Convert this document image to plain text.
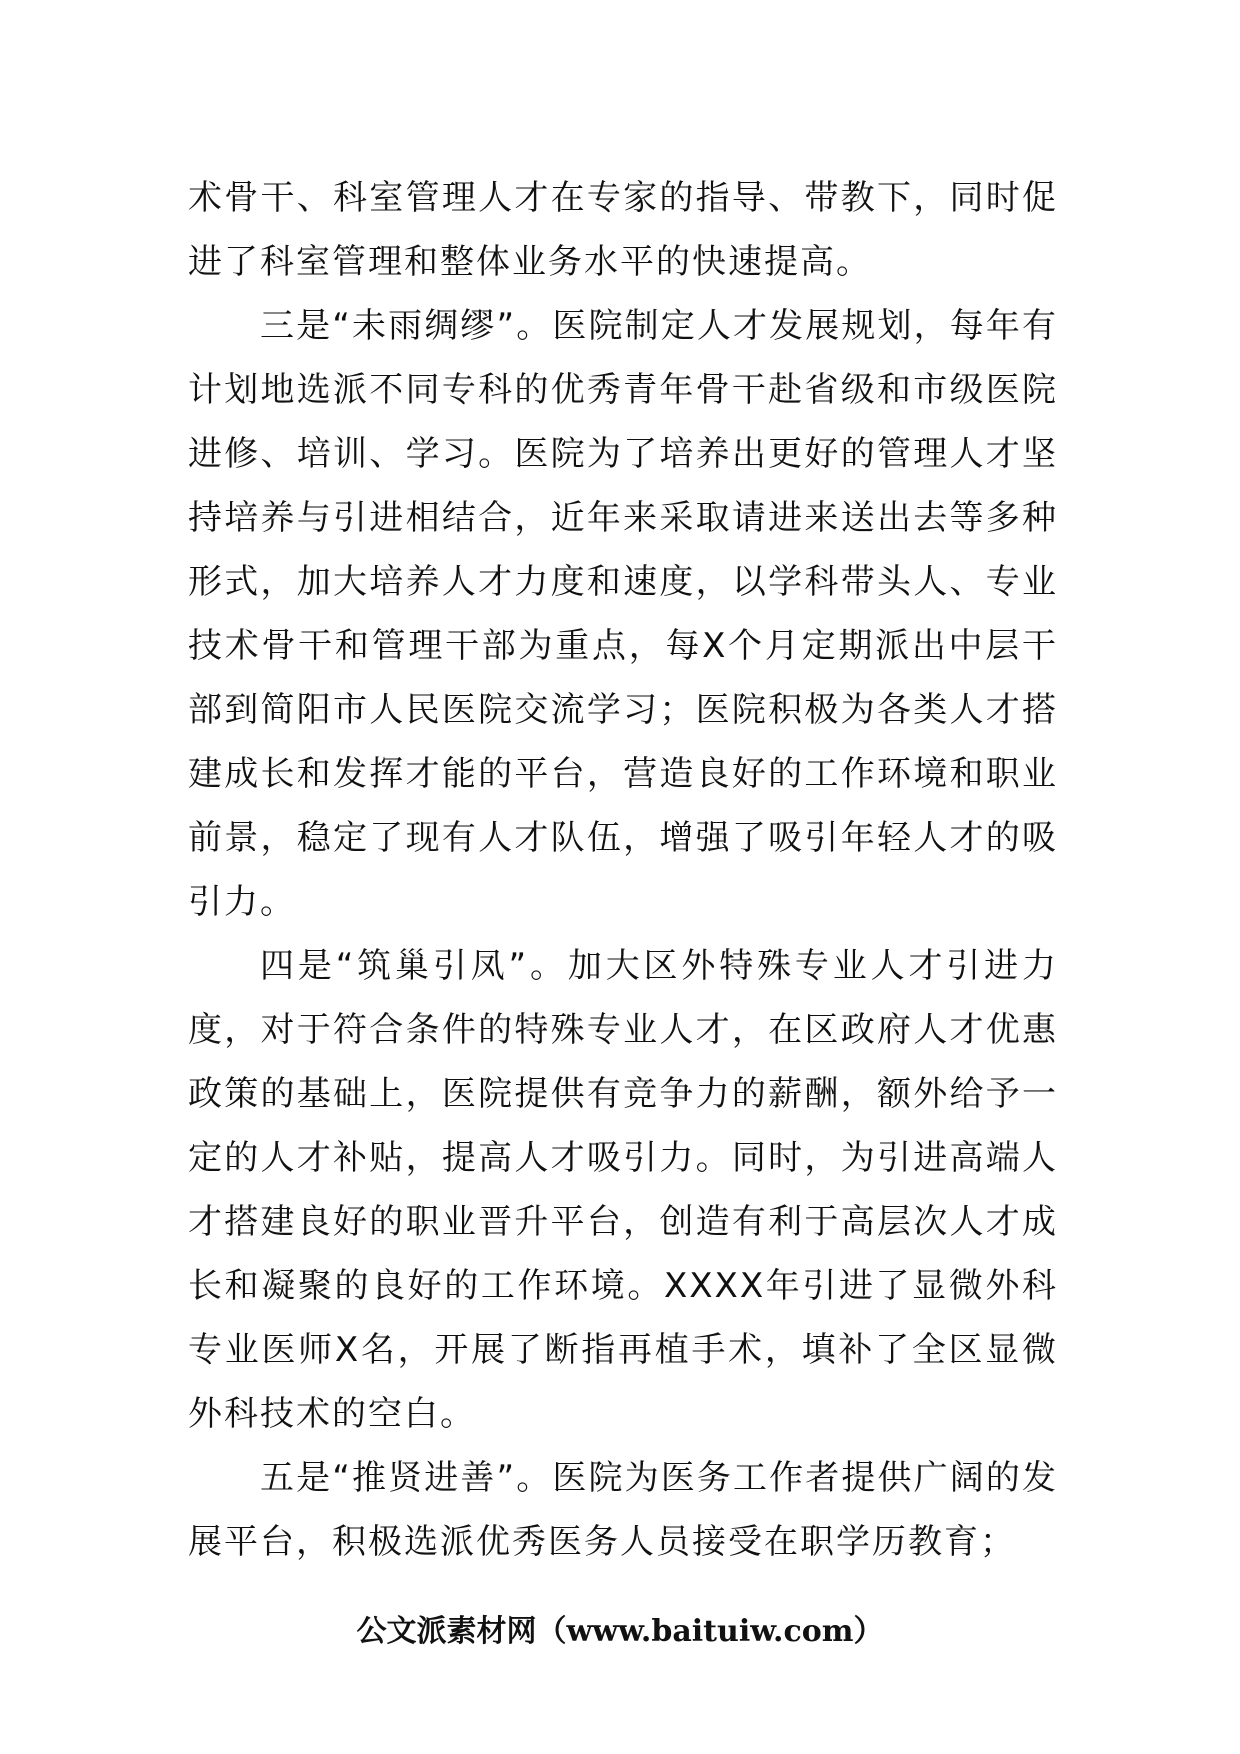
术骨干、科室管理人才在专家的指导、带教下，同时促进了科室管理和整体业务水平的快速提高。

三是“未雨绸缪”。医院制定人才发展规划，每年有计划地选派不同专科的优秀青年骨干赴省级和市级医院进修、培训、学习。医院为了培养出更好的管理人才坚持培养与引进相结合，近年来采取请进来送出去等多种形式，加大培养人才力度和速度，以学科带头人、专业技术骨干和管理干部为重点，每X个月定期派出中层干部到简阳市人民医院交流学习；医院积极为各类人才搭建成长和发挥才能的平台，营造良好的工作环境和职业前景，稳定了现有人才队伍，增强了吸引年轻人才的吸引力。

四是“筑巢引凤”。加大区外特殊专业人才引进力度，对于符合条件的特殊专业人才，在区政府人才优惠政策的基础上，医院提供有竞争力的薪酬，额外给予一定的人才补贴，提高人才吸引力。同时，为引进高端人才搭建良好的职业晋升平台，创造有利于高层次人才成长和凝聚的良好的工作环境。XXXX年引进了显微外科专业医师X名，开展了断指再植手术，填补了全区显微外科技术的空白。

五是“推贤进善”。医院为医务工作者提供广阔的发展平台，积极选派优秀医务人员接受在职学历教育；

公文派素材网（www.baituiw.com）
